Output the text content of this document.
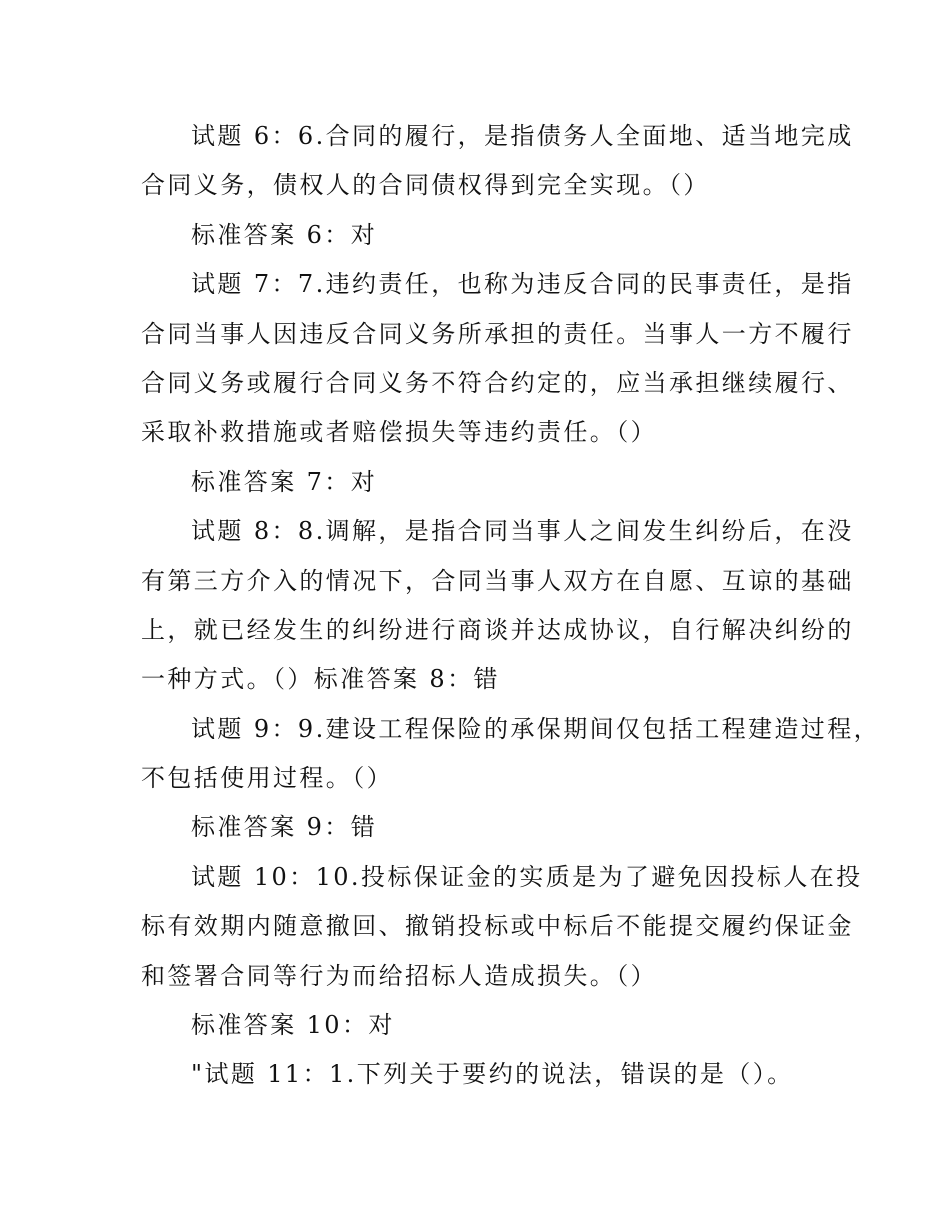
试题 6：6.合同的履行，是指债务人全面地、适当地完成
合同义务，债权人的合同债权得到完全实现。（）
标准答案 6：对
试题 7：7.违约责任，也称为违反合同的民事责任，是指
合同当事人因违反合同义务所承担的责任。当事人一方不履行
合同义务或履行合同义务不符合约定的，应当承担继续履行、
采取补救措施或者赔偿损失等违约责任。（）
标准答案 7：对
试题 8：8.调解，是指合同当事人之间发生纠纷后，在没
有第三方介入的情况下，合同当事人双方在自愿、互谅的基础
上，就已经发生的纠纷进行商谈并达成协议，自行解决纠纷的
一种方式。（）标准答案 8：错
试题 9：9.建设工程保险的承保期间仅包括工程建造过程，
不包括使用过程。（）
标准答案 9：错
试题 10：10.投标保证金的实质是为了避免因投标人在投
标有效期内随意撤回、撤销投标或中标后不能提交履约保证金
和签署合同等行为而给招标人造成损失。（）
标准答案 10：对
"试题 11：1.下列关于要约的说法，错误的是（）。
